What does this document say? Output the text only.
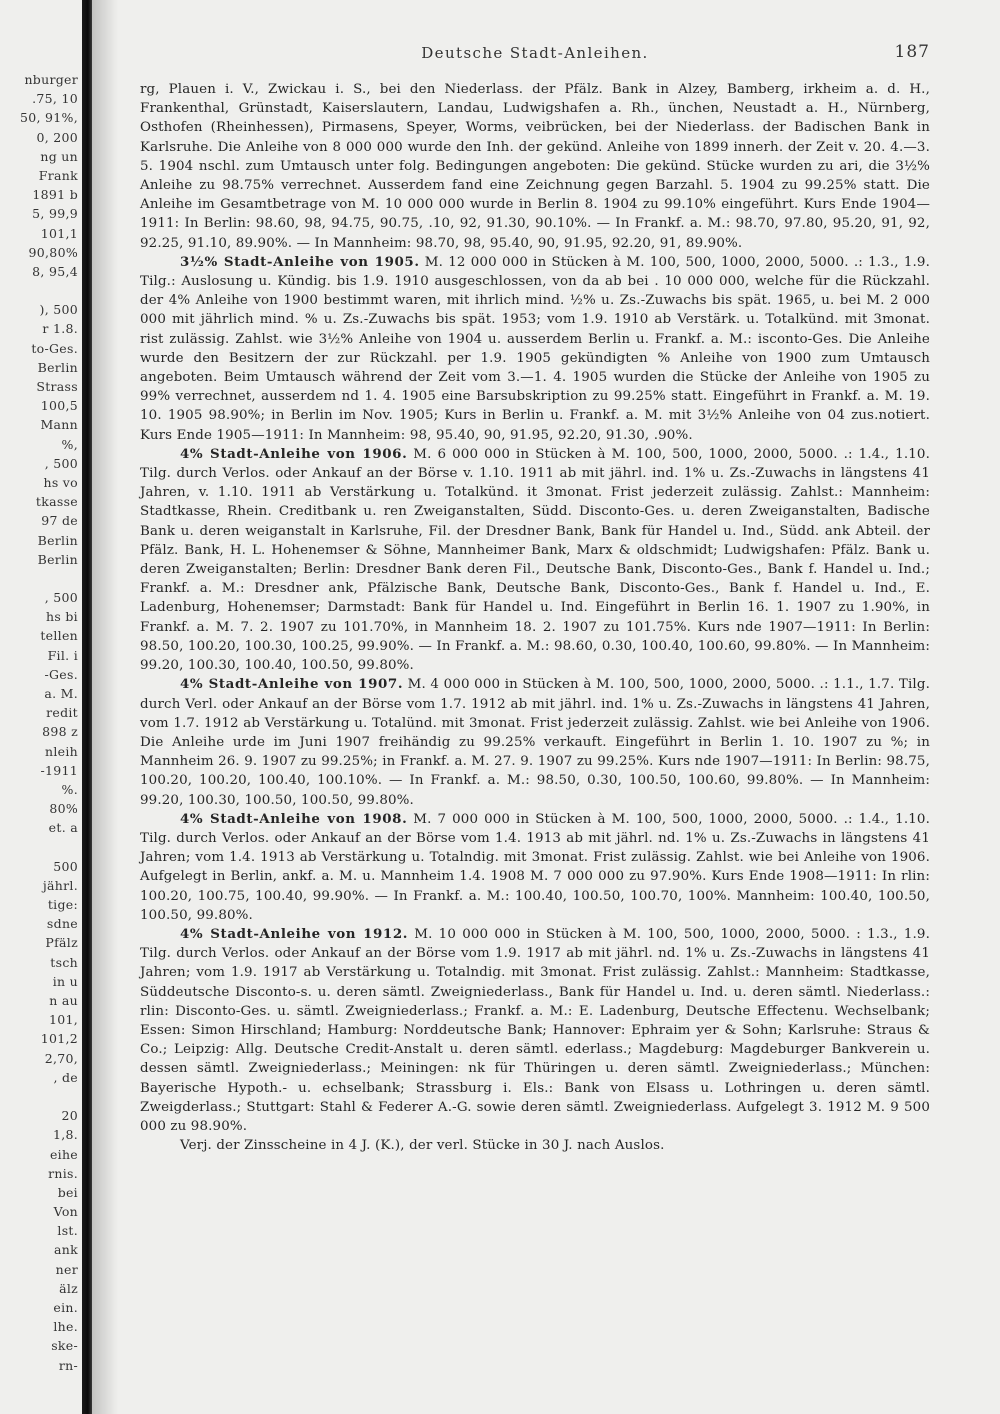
nburger
.75, 10
50, 91%,
0, 200
ng un
Frank
1891 b
5, 99,9
101,1
90,80%
8, 95,4
), 500
r 1.8.
to-Ges.
Berlin
Strass
100,5
Mann
%,
, 500
hs vo
tkasse
97 de
Berlin
Berlin
, 500
hs bi
tellen
Fil. i
-Ges.
a. M.
redit
898 z
nleih
-1911
%.
80%
et. a
500
jährl.
tige:
sdne
Pfälz
tsch
in u
n au
101,
101,2
2,70,
, de
20
1,8.
eihe
rnis.
bei
Von
lst.
ank
ner
älz
ein.
lhe.
ske-
rn-
Deutsche Stadt-Anleihen.	187

rg, Plauen i. V., Zwickau i. S., bei den Niederlass. der Pfälz. Bank in Alzey, Bamberg, irkheim a. d. H., Frankenthal, Grünstadt, Kaiserslautern, Landau, Ludwigshafen a. Rh., ünchen, Neustadt a. H., Nürnberg, Osthofen (Rheinhessen), Pirmasens, Speyer, Worms, veibrücken, bei der Niederlass. der Badischen Bank in Karlsruhe. Die Anleihe von 8 000 000 wurde den Inh. der gekünd. Anleihe von 1899 innerh. der Zeit v. 20. 4.—3. 5. 1904 nschl. zum Umtausch unter folg. Bedingungen angeboten: Die gekünd. Stücke wurden zu ari, die 3½% Anleihe zu 98.75% verrechnet. Ausserdem fand eine Zeichnung gegen Barzahl. 5. 1904 zu 99.25% statt. Die Anleihe im Gesamtbetrage von M. 10 000 000 wurde in Berlin 8. 1904 zu 99.10% eingeführt. Kurs Ende 1904—1911: In Berlin: 98.60, 98, 94.75, 90.75, .10, 92, 91.30, 90.10%. — In Frankf. a. M.: 98.70, 97.80, 95.20, 91, 92, 92.25, 91.10, 89.90%. — In Mannheim: 98.70, 98, 95.40, 90, 91.95, 92.20, 91, 89.90%.

3½% Stadt-Anleihe von 1905. M. 12 000 000 in Stücken à M. 100, 500, 1000, 2000, 5000. .: 1.3., 1.9. Tilg.: Auslosung u. Kündig. bis 1.9. 1910 ausgeschlossen, von da ab bei . 10 000 000, welche für die Rückzahl. der 4% Anleihe von 1900 bestimmt waren, mit ihrlich mind. ½% u. Zs.-Zuwachs bis spät. 1965, u. bei M. 2 000 000 mit jährlich mind. % u. Zs.-Zuwachs bis spät. 1953; vom 1.9. 1910 ab Verstärk. u. Totalkünd. mit 3monat. rist zulässig. Zahlst. wie 3½% Anleihe von 1904 u. ausserdem Berlin u. Frankf. a. M.: isconto-Ges. Die Anleihe wurde den Besitzern der zur Rückzahl. per 1.9. 1905 gekündigten % Anleihe von 1900 zum Umtausch angeboten. Beim Umtausch während der Zeit vom 3.—1. 4. 1905 wurden die Stücke der Anleihe von 1905 zu 99% verrechnet, ausserdem nd 1. 4. 1905 eine Barsubskription zu 99.25% statt. Eingeführt in Frankf. a. M. 19. 10. 1905 98.90%; in Berlin im Nov. 1905; Kurs in Berlin u. Frankf. a. M. mit 3½% Anleihe von 04 zus.notiert. Kurs Ende 1905—1911: In Mannheim: 98, 95.40, 90, 91.95, 92.20, 91.30, .90%.

4% Stadt-Anleihe von 1906. M. 6 000 000 in Stücken à M. 100, 500, 1000, 2000, 5000. .: 1.4., 1.10. Tilg. durch Verlos. oder Ankauf an der Börse v. 1.10. 1911 ab mit jährl. ind. 1% u. Zs.-Zuwachs in längstens 41 Jahren, v. 1.10. 1911 ab Verstärkung u. Totalkünd. it 3monat. Frist jederzeit zulässig. Zahlst.: Mannheim: Stadtkasse, Rhein. Creditbank u. ren Zweiganstalten, Südd. Disconto-Ges. u. deren Zweiganstalten, Badische Bank u. deren weiganstalt in Karlsruhe, Fil. der Dresdner Bank, Bank für Handel u. Ind., Südd. ank Abteil. der Pfälz. Bank, H. L. Hohenemser & Söhne, Mannheimer Bank, Marx & oldschmidt; Ludwigshafen: Pfälz. Bank u. deren Zweiganstalten; Berlin: Dresdner Bank deren Fil., Deutsche Bank, Disconto-Ges., Bank f. Handel u. Ind.; Frankf. a. M.: Dresdner ank, Pfälzische Bank, Deutsche Bank, Disconto-Ges., Bank f. Handel u. Ind., E. Ladenburg, Hohenemser; Darmstadt: Bank für Handel u. Ind. Eingeführt in Berlin 16. 1. 1907 zu 1.90%, in Frankf. a. M. 7. 2. 1907 zu 101.70%, in Mannheim 18. 2. 1907 zu 101.75%. Kurs nde 1907—1911: In Berlin: 98.50, 100.20, 100.30, 100.25, 99.90%. — In Frankf. a. M.: 98.60, 0.30, 100.40, 100.60, 99.80%. — In Mannheim: 99.20, 100.30, 100.40, 100.50, 99.80%.

4% Stadt-Anleihe von 1907. M. 4 000 000 in Stücken à M. 100, 500, 1000, 2000, 5000. .: 1.1., 1.7. Tilg. durch Verl. oder Ankauf an der Börse vom 1.7. 1912 ab mit jährl. ind. 1% u. Zs.-Zuwachs in längstens 41 Jahren, vom 1.7. 1912 ab Verstärkung u. Totalünd. mit 3monat. Frist jederzeit zulässig. Zahlst. wie bei Anleihe von 1906. Die Anleihe urde im Juni 1907 freihändig zu 99.25% verkauft. Eingeführt in Berlin 1. 10. 1907 zu %; in Mannheim 26. 9. 1907 zu 99.25%; in Frankf. a. M. 27. 9. 1907 zu 99.25%. Kurs nde 1907—1911: In Berlin: 98.75, 100.20, 100.20, 100.40, 100.10%. — In Frankf. a. M.: 98.50, 0.30, 100.50, 100.60, 99.80%. — In Mannheim: 99.20, 100.30, 100.50, 100.50, 99.80%.

4% Stadt-Anleihe von 1908. M. 7 000 000 in Stücken à M. 100, 500, 1000, 2000, 5000. .: 1.4., 1.10. Tilg. durch Verlos. oder Ankauf an der Börse vom 1.4. 1913 ab mit jährl. nd. 1% u. Zs.-Zuwachs in längstens 41 Jahren; vom 1.4. 1913 ab Verstärkung u. Totalndig. mit 3monat. Frist zulässig. Zahlst. wie bei Anleihe von 1906. Aufgelegt in Berlin, ankf. a. M. u. Mannheim 1.4. 1908 M. 7 000 000 zu 97.90%. Kurs Ende 1908—1911: In rlin: 100.20, 100.75, 100.40, 99.90%. — In Frankf. a. M.: 100.40, 100.50, 100.70, 100%. Mannheim: 100.40, 100.50, 100.50, 99.80%.

4% Stadt-Anleihe von 1912. M. 10 000 000 in Stücken à M. 100, 500, 1000, 2000, 5000. : 1.3., 1.9. Tilg. durch Verlos. oder Ankauf an der Börse vom 1.9. 1917 ab mit jährl. nd. 1% u. Zs.-Zuwachs in längstens 41 Jahren; vom 1.9. 1917 ab Verstärkung u. Totalndig. mit 3monat. Frist zulässig. Zahlst.: Mannheim: Stadtkasse, Süddeutsche Disconto-s. u. deren sämtl. Zweigniederlass., Bank für Handel u. Ind. u. deren sämtl. Niederlass.: rlin: Disconto-Ges. u. sämtl. Zweigniederlass.; Frankf. a. M.: E. Ladenburg, Deutsche Effectenu. Wechselbank; Essen: Simon Hirschland; Hamburg: Norddeutsche Bank; Hannover: Ephraim yer & Sohn; Karlsruhe: Straus & Co.; Leipzig: Allg. Deutsche Credit-Anstalt u. deren sämtl. ederlass.; Magdeburg: Magdeburger Bankverein u. dessen sämtl. Zweigniederlass.; Meiningen: nk für Thüringen u. deren sämtl. Zweigniederlass.; München: Bayerische Hypoth.- u. echselbank; Strassburg i. Els.: Bank von Elsass u. Lothringen u. deren sämtl. Zweigderlass.; Stuttgart: Stahl & Federer A.-G. sowie deren sämtl. Zweigniederlass. Aufgelegt 3. 1912 M. 9 500 000 zu 98.90%.

Verj. der Zinsscheine in 4 J. (K.), der verl. Stücke in 30 J. nach Auslos.
